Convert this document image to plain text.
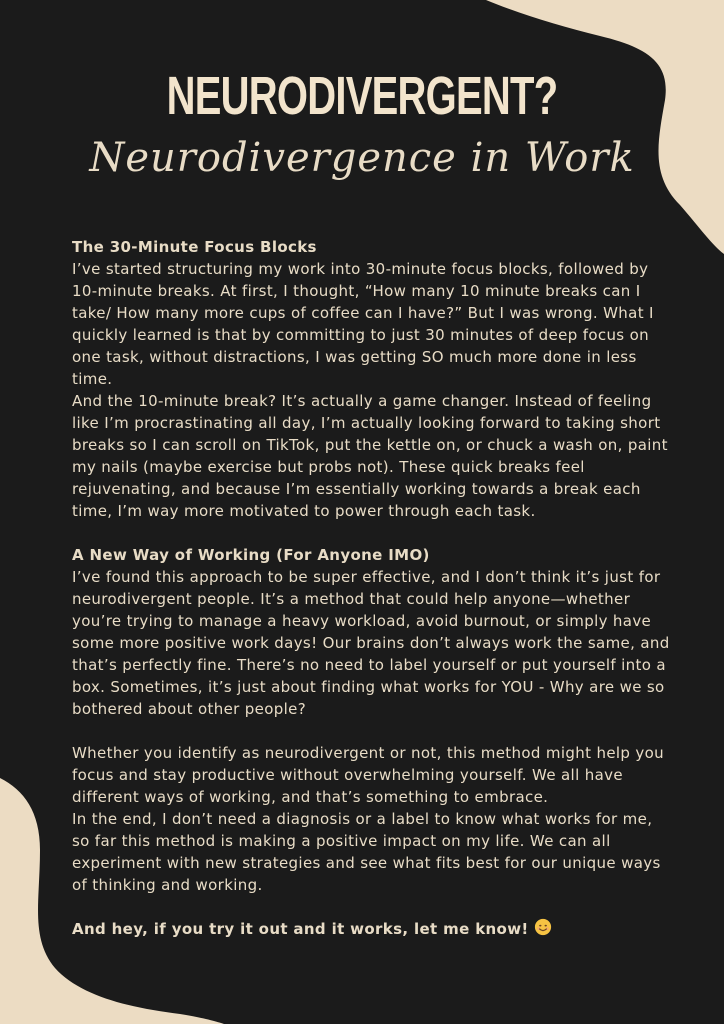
NEURODIVERGENT?
Neurodivergence in Work

The 30-Minute Focus Blocks

I’ve started structuring my work into 30-minute focus blocks, followed by 10-minute breaks. At first, I thought, “How many 10 minute breaks can I take/ How many more cups of coffee can I have?” But I was wrong. What I quickly learned is that by committing to just 30 minutes of deep focus on one task, without distractions, I was getting SO much more done in less time.

And the 10-minute break? It’s actually a game changer. Instead of feeling like I’m procrastinating all day, I’m actually looking forward to taking short breaks so I can scroll on TikTok, put the kettle on, or chuck a wash on, paint my nails (maybe exercise but probs not). These quick breaks feel rejuvenating, and because I’m essentially working towards a break each time, I’m way more motivated to power through each task.

A New Way of Working (For Anyone IMO)

I’ve found this approach to be super effective, and I don’t think it’s just for neurodivergent people. It’s a method that could help anyone—whether you’re trying to manage a heavy workload, avoid burnout, or simply have some more positive work days! Our brains don’t always work the same, and that’s perfectly fine. There’s no need to label yourself or put yourself into a box. Sometimes, it’s just about finding what works for YOU - Why are we so bothered about other people?

Whether you identify as neurodivergent or not, this method might help you focus and stay productive without overwhelming yourself. We all have different ways of working, and that’s something to embrace.

In the end, I don’t need a diagnosis or a label to know what works for me, so far this method is making a positive impact on my life. We can all experiment with new strategies and see what fits best for our unique ways of thinking and working.

And hey, if you try it out and it works, let me know!
